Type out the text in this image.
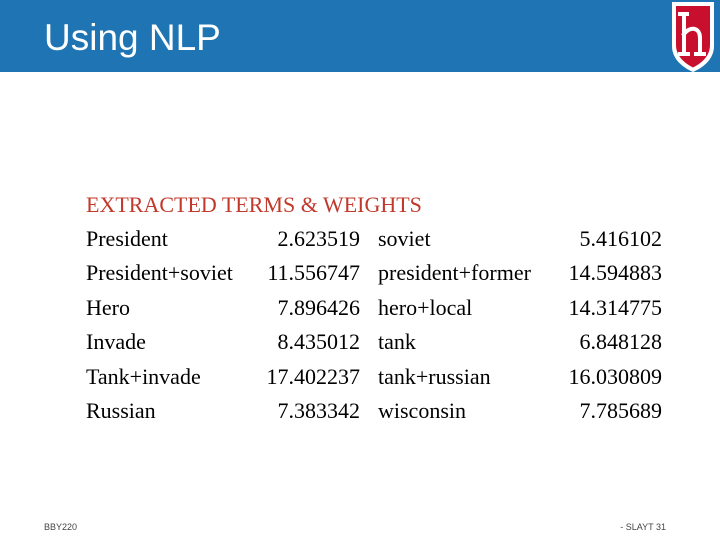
Using NLP
EXTRACTED TERMS & WEIGHTS
President	2.623519 soviet	5.416102
President+soviet	11.556747 president+former	14.594883
Hero	7.896426 hero+local	14.314775
Invade	8.435012 tank	6.848128
Tank+invade	17.402237 tank+russian	16.030809
Russian	7.383342 wisconsin	7.785689
BBY220	- SLAYT 31
